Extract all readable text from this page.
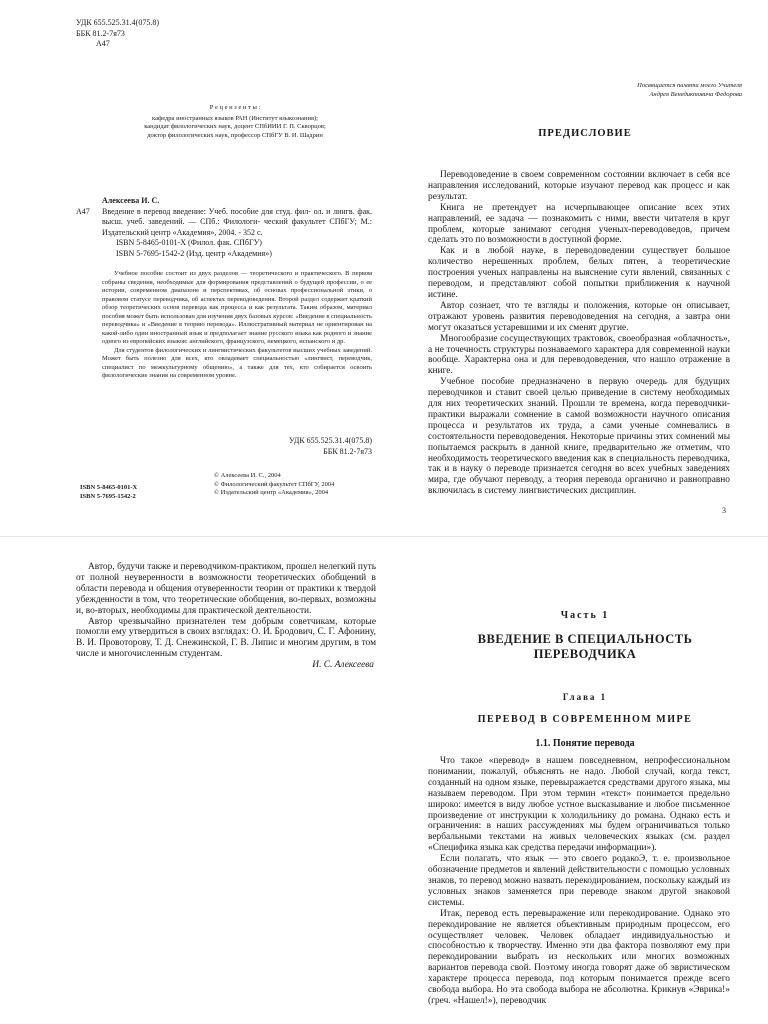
УДК 655.525.31.4(075.8)

ББК 81.2-7я73

А47

Р е ц е н з е н т ы :

кафедра иностранных языков РАН (Институт языкознания);

кандидат филологических наук, доцент СПбИИИ Г. П. Скворцов;

доктор филологических наук, профессор СПбГУ В. И. Шадрин

Алексеева И. С.

А47 Введение в перевод введение: Учеб. пособие для студ. фил- ол. и лингв. фак. высш. учеб. заведений. — СПб.: Филологи- ческий факультет СПбГУ; М.: Издательский центр «Академия», 2004. - 352 с.

ISBN 5-8465-0101-X (Филол. фак. СПбГУ)

ISBN 5-7695-1542-2 (Изд. центр «Академия»)

Учебное пособие состоит из двух разделов — теоретического и практического. В первом собраны сведения, необходимые для формирования представлений о будущей профессии, о ее истории, современном диапазоне и перспективах, об основах профессиональной этики, о правовом статусе переводчика, об аспектах переводоведения. Второй раздел содержит краткий обзор теоретических основ перевода как процесса и как результата. Таким образом, материал пособия может быть использован для изучения двух базовых курсов: «Введение в специальность переводчика» и «Введение в теорию перевода». Иллюстративный материал не ориентирован на какой-либо один иностранный язык и предполагает знание русского языка как родного и знание одного из европейских языков: английского, французского, немецкого, испанского и др.

Для студентов филологических и лингвистических факультетов высших учебных заведений. Может быть полезно для всех, кто овладевает специальностью «лингвист, переводчик, специалист по межкультурному общению», а также для тех, кто собирается освоить филологические знания на современном уровне.

УДК 655.525.31.4(075.8)

ББК 81.2-7я73

ISBN 5-8465-0101-X

ISBN 5-7695-1542-2

© Алексеева И. С., 2004

© Филологический факультет СПбГУ, 2004

© Издательский центр «Академия», 2004

Посвящается памяти моего Учителя

Андрея Венедиктовича Федорова

ПРЕДИСЛОВИЕ

Переводоведение в своем современном состоянии включает в себя все направления исследований, которые изучают перевод как процесс и как результат.

Книга не претендует на исчерпывающее описание всех этих направлений, ее задача — познакомить с ними, ввести читателя в круг проблем, которые занимают сегодня ученых-переводоведов, причем сделать это по возможности в доступной форме.

Как и в любой науке, в переводоведении существует большое количество нерешенных проблем, белых пятен, а теоретические построения ученых направлены на выяснение сути явлений, связанных с переводом, и представляют собой попытки приближения к научной истине.

Автор сознает, что те взгляды и положения, которые он описывает, отражают уровень развития переводоведения на сегодня, а завтра они могут оказаться устаревшими и их сменят другие.

Многообразие сосуществующих трактовок, своеобразная «облачность», а не точечность структуры познаваемого характера для современной науки вообще. Характерна она и для переводоведения, что нашло отражение в книге.

Учебное пособие предназначено в первую очередь для будущих переводчиков и ставит своей целью приведение в систему необходимых для них теоретических знаний. Прошли те времена, когда переводчики-практики выражали сомнение в самой возможности научного описания процесса и результатов их труда, а сами ученые сомневались в состоятельности переводоведения. Некоторые причины этих сомнений мы попытаемся раскрыть в данной книге, предварительно же отметим, что необходимость теоретического введения как в специальность переводчика, так и в науку о переводе признается сегодня во всех учебных заведениях мира, где обучают переводу, а теория перевода органично и равноправно включилась в систему лингвистических дисциплин.

3

Автор, будучи также и переводчиком-практиком, прошел нелегкий путь от полной неуверенности в возможности теоретических обобщений в области перевода и общения отуверенности теории от практики к твердой убежденности в том, что теоретические обобщения, во-первых, возможны и, во-вторых, необходимы для практической деятельности.

Автор чрезвычайно признателен тем добрым советчикам, которые помогли ему утвердиться в своих взглядах: О. И. Бродович, С. Г. Афонину, В. И. Провоторову, Т. Д. Снежинской, Г. В. Липис и многим другим, в том числе и многочисленным студентам.

И. С. Алексеева

Часть 1

ВВЕДЕНИЕ В СПЕЦИАЛЬНОСТЬ

ПЕРЕВОДЧИКА

Глава 1

ПЕРЕВОД В СОВРЕМЕННОМ МИРЕ

1.1. Понятие перевода

Что такое «перевод» в нашем повседневном, непрофессиональном понимании, пожалуй, объяснять не надо. Любой случай, когда текст, созданный на одном языке, перевыражается средствами другого языка, мы называем переводом. При этом термин «текст» понимается предельно широко: имеется в виду любое устное высказывание и любое письменное произведение от инструкции к холодильнику до романа. Однако есть и ограничения: в наших рассуждениях мы будем ограничиваться только вербальными текстами на живых человеческих языках (см. раздел «Специфика языка как средства передачи информации»).

Если полагать, что язык — это своего родакоЭ, т. е. произвольное обозначение предметов и явлений действительности с помощью условных знаков, то перевод можно назвать перекодированием, поскольку каждый из условных знаков заменяется при переводе знаком другой знаковой системы.

Итак, перевод есть перевыражение или перекодирование. Однако это перекодирование не является объективным природным процессом, его осуществляет человек. Человек обладает индивидуальностью и способностью к творчеству. Именно эти два фактора позволяют ему при перекодировании выбрать из нескольких или многих возможных вариантов перевода свой. Поэтому иногда говорят даже об эвристическом характере процесса перевода, под которым понимается прежде всего свобода выбора. Но эта свобода выбора не абсолютна. Крикнув «Эврика!» (греч. «Нашел!»), переводчик
